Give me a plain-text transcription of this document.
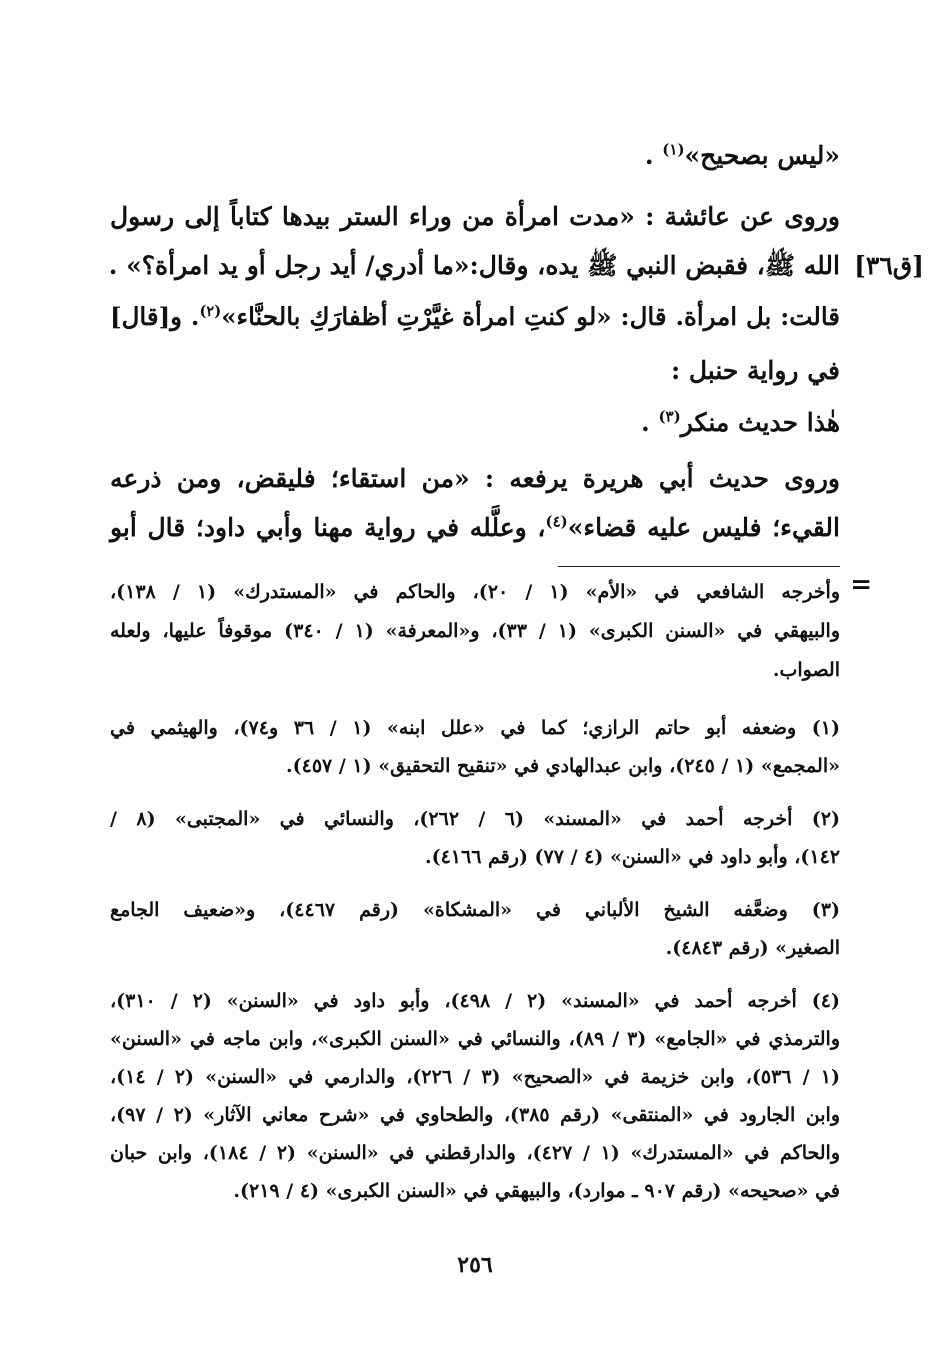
«ليس بصحيح»$^{(١)}$ .
وروى عن عائشة : «مدت امرأة من وراء الستر بيدها كتاباً إلى رسول
الله ﷺ، فقبض النبي ﷺ يده، وقال:«ما أدري/ أيد رجل أو يد امرأة؟» .
قالت: بل امرأة. قال: «لو كنتِ امرأة غيَّرْتِ أظفارَكِ بالحنَّاء»$^{(٢)}$. و[قال]
في رواية حنبل :
هٰذا حديث منكر$^{(٣)}$ .
وروى حديث أبي هريرة يرفعه : «من استقاء؛ فليقض، ومن ذرعه
القيء؛ فليس عليه قضاء»$^{(٤)}$، وعلَّله في رواية مهنا وأبي داود؛ قال أبو
[ق٣٦]
=
وأخرجه الشافعي في «الأم» (١ / ٢٠)، والحاكم في «المستدرك» (١ / ١٣٨)،
والبيهقي في «السنن الكبرى» (١ / ٣٣)، و«المعرفة» (١ / ٣٤٠) موقوفاً عليها، ولعله
الصواب.
(١) وضعفه أبو حاتم الرازي؛ كما في «علل ابنه» (١ / ٣٦ و٧٤)، والهيثمي في
«المجمع» (١ / ٢٤٥)، وابن عبدالهادي في «تنقيح التحقيق» (١ / ٤٥٧).
(٢) أخرجه أحمد في «المسند» (٦ / ٢٦٢)، والنسائي في «المجتبى» (٨ /
١٤٢)، وأبو داود في «السنن» (٤ / ٧٧) (رقم ٤١٦٦).
(٣) وضعَّفه الشيخ الألباني في «المشكاة» (رقم ٤٤٦٧)، و«ضعيف الجامع
الصغير» (رقم ٤٨٤٣).
(٤) أخرجه أحمد في «المسند» (٢ / ٤٩٨)، وأبو داود في «السنن» (٢ / ٣١٠)،
والترمذي في «الجامع» (٣ / ٨٩)، والنسائي في «السنن الكبرى»، وابن ماجه في «السنن»
(١ / ٥٣٦)، وابن خزيمة في «الصحيح» (٣ / ٢٢٦)، والدارمي في «السنن» (٢ / ١٤)،
وابن الجارود في «المنتقى» (رقم ٣٨٥)، والطحاوي في «شرح معاني الآثار» (٢ / ٩٧)،
والحاكم في «المستدرك» (١ / ٤٢٧)، والدارقطني في «السنن» (٢ / ١٨٤)، وابن حبان
في «صحيحه» (رقم ٩٠٧ ـ موارد)، والبيهقي في «السنن الكبرى» (٤ / ٢١٩).
٢٥٦
